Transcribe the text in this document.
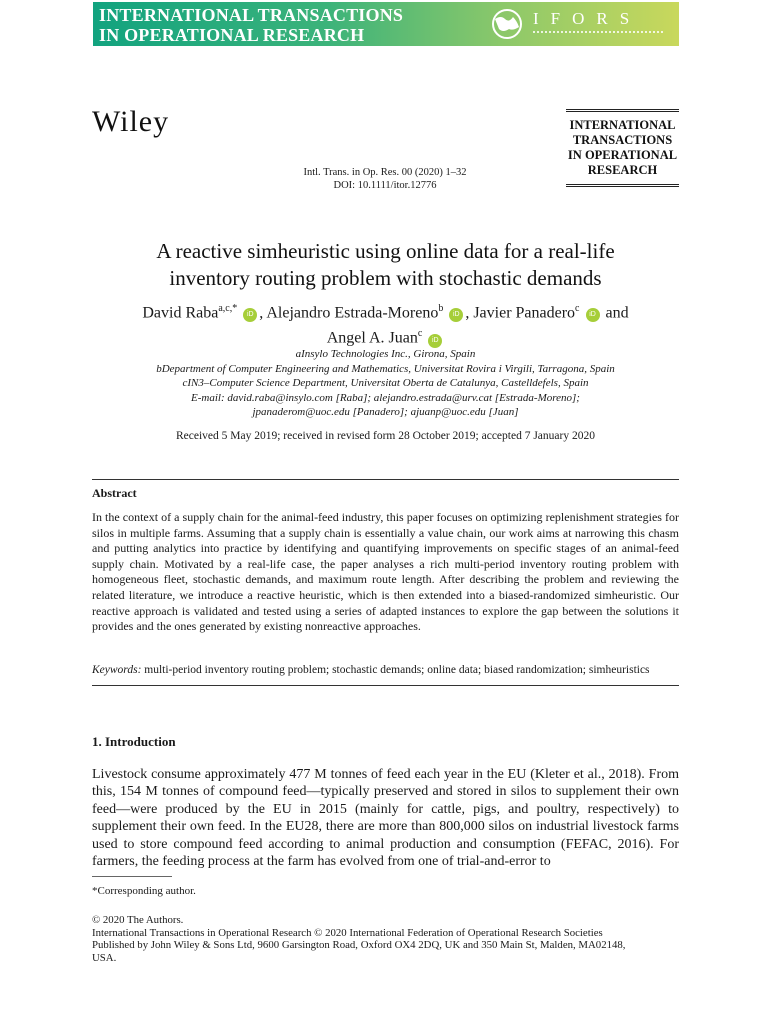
INTERNATIONAL TRANSACTIONS
IN OPERATIONAL RESEARCH
IFORS
Wiley	INTERNATIONAL
TRANSACTIONS
IN OPERATIONAL
RESEARCH
Intl. Trans. in Op. Res. 00 (2020) 1–32
DOI: 10.1111/itor.12776
A reactive simheuristic using online data for a real-life
inventory routing problem with stochastic demands
David Raba$^{a,c,*}$ iD , Alejandro Estrada-Moreno$^b$ iD , Javier Panadero$^c$ iD and
Angel A. Juan$^c$ iD
aInsylo Technologies Inc., Girona, Spain
bDepartment of Computer Engineering and Mathematics, Universitat Rovira i Virgili, Tarragona, Spain
cIN3–Computer Science Department, Universitat Oberta de Catalunya, Castelldefels, Spain
E-mail: david.raba@insylo.com [Raba]; alejandro.estrada@urv.cat [Estrada-Moreno];
jpanaderom@uoc.edu [Panadero]; ajuanp@uoc.edu [Juan]
Received 5 May 2019; received in revised form 28 October 2019; accepted 7 January 2020
Abstract
In the context of a supply chain for the animal-feed industry, this paper focuses on optimizing replenishment strategies for silos in multiple farms. Assuming that a supply chain is essentially a value chain, our work aims at narrowing this chasm and putting analytics into practice by identifying and quantifying improvements on specific stages of an animal-feed supply chain. Motivated by a real-life case, the paper analyses a rich multi-period inventory routing problem with homogeneous fleet, stochastic demands, and maximum route length. After describing the problem and reviewing the related literature, we introduce a reactive heuristic, which is then extended into a biased-randomized simheuristic. Our reactive approach is validated and tested using a series of adapted instances to explore the gap between the solutions it provides and the ones generated by existing nonreactive approaches.
Keywords: multi-period inventory routing problem; stochastic demands; online data; biased randomization; simheuristics
1. Introduction
Livestock consume approximately 477 M tonnes of feed each year in the EU (Kleter et al., 2018). From this, 154 M tonnes of compound feed—typically preserved and stored in silos to supplement their own feed—were produced by the EU in 2015 (mainly for cattle, pigs, and poultry, respectively) to supplement their own feed. In the EU28, there are more than 800,000 silos on industrial livestock farms used to store compound feed according to animal production and consumption (FEFAC, 2016). For farmers, the feeding process at the farm has evolved from one of trial-and-error to
*Corresponding author.
© 2020 The Authors.
International Transactions in Operational Research © 2020 International Federation of Operational Research Societies
Published by John Wiley & Sons Ltd, 9600 Garsington Road, Oxford OX4 2DQ, UK and 350 Main St, Malden, MA02148,
USA.
